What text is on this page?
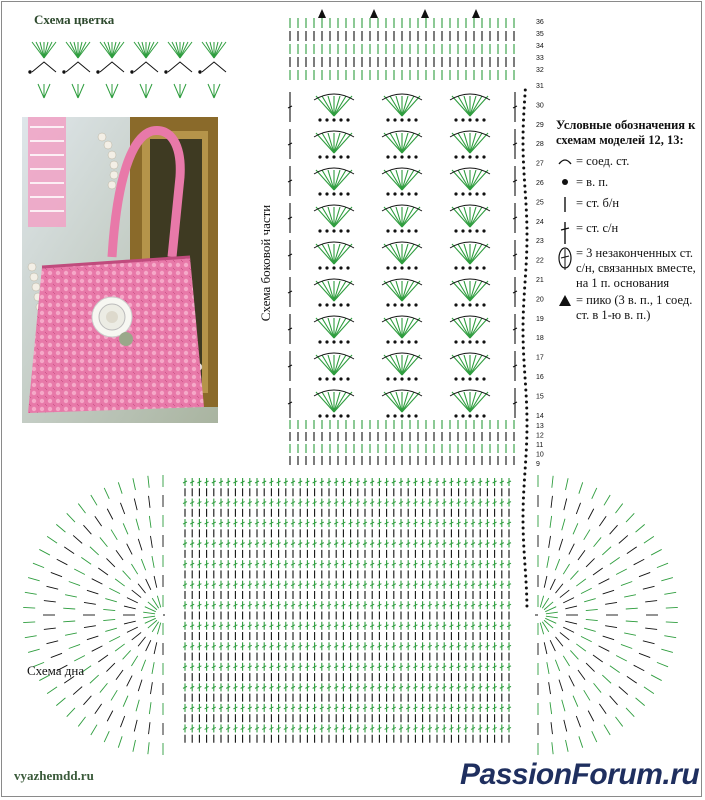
Схема цветка	36
35
34
33
32
31
30
29
28
27
26
25
24
23
22
21
20
19
18
17
16
15
14
13
12
11
10
9
Схема боковой части
Схема дна
Условные обозначения к схемам моделей 12, 13:
= соед. ст.
= в. п.
= ст. б/н
= ст. с/н
= 3 незаконченных ст. с/н, связанных вместе, на 1 п. основания
= пико (3 в. п., 1 соед. ст. в 1-ю в. п.)
vyazhemdd.ru	PassionForum.ru
